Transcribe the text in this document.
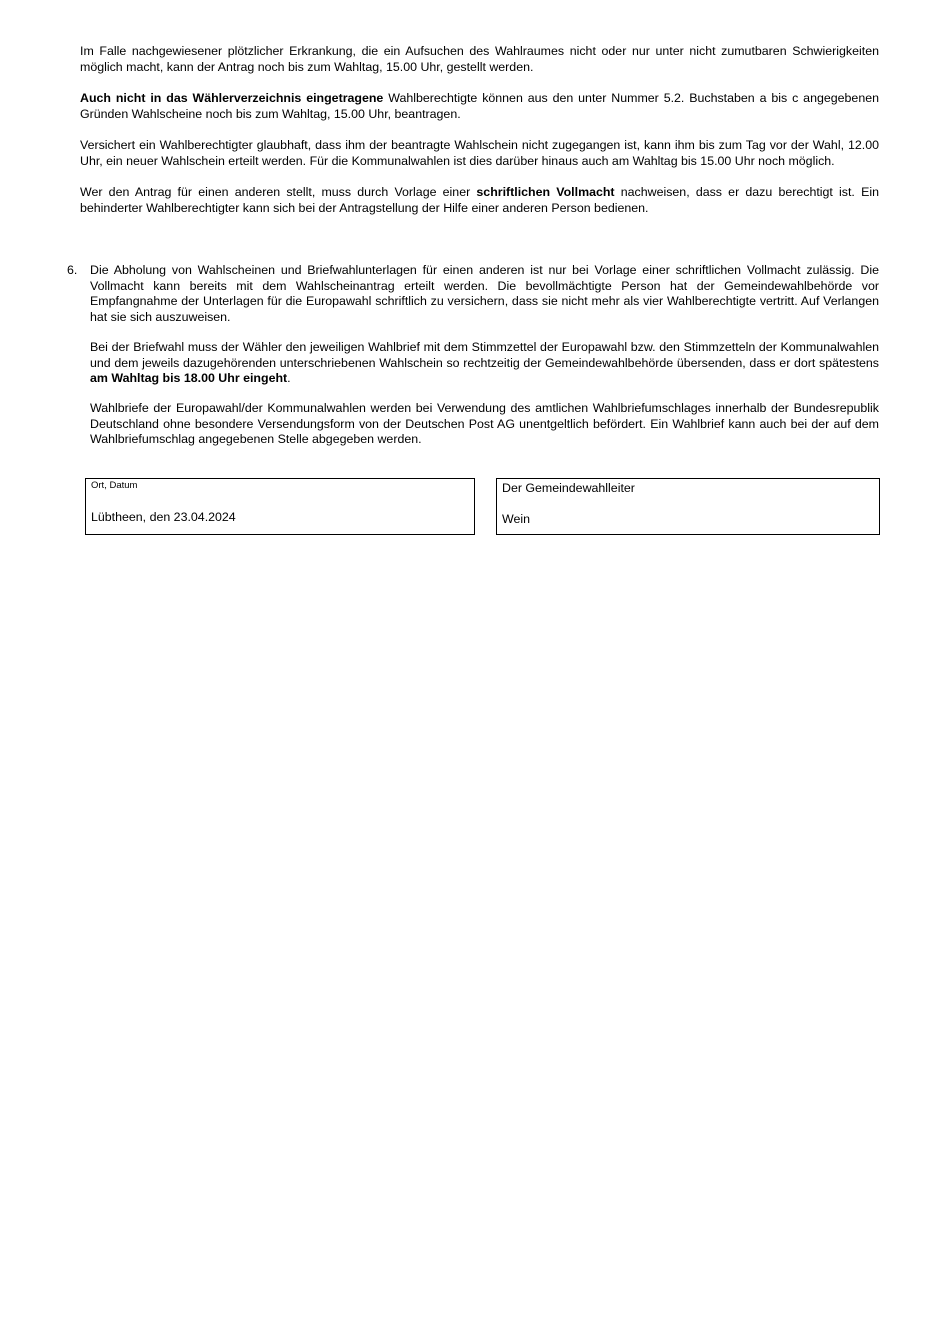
Im Falle nachgewiesener plötzlicher Erkrankung, die ein Aufsuchen des Wahlraumes nicht oder nur unter nicht zumutbaren Schwierigkeiten möglich macht, kann der Antrag noch bis zum Wahltag, 15.00 Uhr, gestellt werden.

Auch nicht in das Wählerverzeichnis eingetragene Wahlberechtigte können aus den unter Nummer 5.2. Buchstaben a bis c angegebenen Gründen Wahlscheine noch bis zum Wahltag, 15.00 Uhr, beantragen.

Versichert ein Wahlberechtigter glaubhaft, dass ihm der beantragte Wahlschein nicht zugegangen ist, kann ihm bis zum Tag vor der Wahl, 12.00 Uhr, ein neuer Wahlschein erteilt werden. Für die Kommunalwahlen ist dies darüber hinaus auch am Wahltag bis 15.00 Uhr noch möglich.

Wer den Antrag für einen anderen stellt, muss durch Vorlage einer schriftlichen Vollmacht nachweisen, dass er dazu berechtigt ist. Ein behinderter Wahlberechtigter kann sich bei der Antragstellung der Hilfe einer anderen Person bedienen.

6. Die Abholung von Wahlscheinen und Briefwahlunterlagen für einen anderen ist nur bei Vorlage einer schriftlichen Vollmacht zulässig. Die Vollmacht kann bereits mit dem Wahlscheinantrag erteilt werden. Die bevollmächtigte Person hat der Gemeindewahlbehörde vor Empfangnahme der Unterlagen für die Europawahl schriftlich zu versichern, dass sie nicht mehr als vier Wahlberechtigte vertritt. Auf Verlangen hat sie sich auszuweisen.

Bei der Briefwahl muss der Wähler den jeweiligen Wahlbrief mit dem Stimmzettel der Europawahl bzw. den Stimmzetteln der Kommunalwahlen und dem jeweils dazugehörenden unterschriebenen Wahlschein so rechtzeitig der Gemeindewahlbehörde übersenden, dass er dort spätestens am Wahltag bis 18.00 Uhr eingeht.

Wahlbriefe der Europawahl/der Kommunalwahlen werden bei Verwendung des amtlichen Wahlbriefumschlages innerhalb der Bundesrepublik Deutschland ohne besondere Versendungsform von der Deutschen Post AG unentgeltlich befördert. Ein Wahlbrief kann auch bei der auf dem Wahlbriefumschlag angegebenen Stelle abgegeben werden.

Ort, Datum
Lübtheen, den 23.04.2024
Der Gemeindewahlleiter
Wein
